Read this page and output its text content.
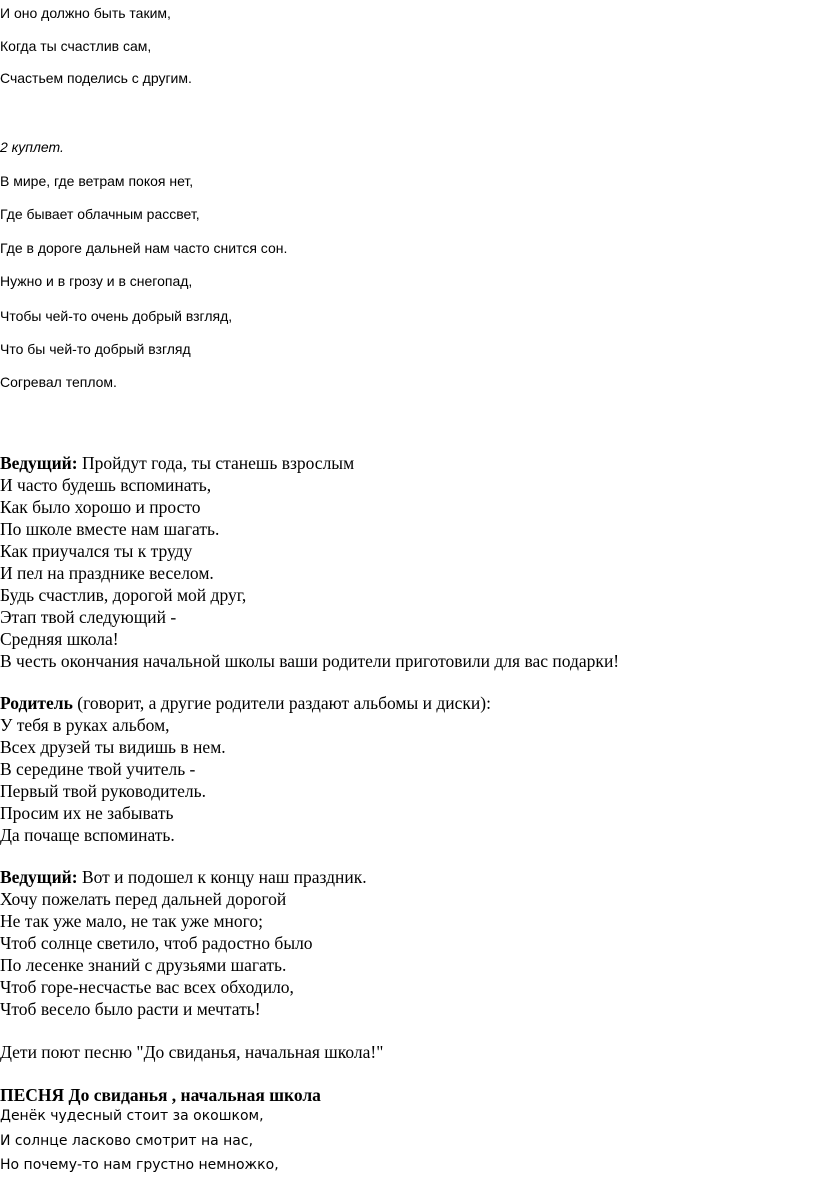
И оно должно быть таким,
Когда ты счастлив сам,
Счастьем поделись с другим.
2 куплет.
В мире, где ветрам покоя нет,
Где бывает облачным рассвет,
Где в дороге дальней нам часто снится сон.
Нужно и в грозу и в снегопад,
Чтобы чей-то очень добрый взгляд,
Что бы чей-то добрый взгляд
Согревал теплом.
Ведущий: Пройдут года, ты станешь взрослым
И часто будешь вспоминать,
Как было хорошо и просто
По школе вместе нам шагать.
Как приучался ты к труду
И пел на празднике веселом.
Будь счастлив, дорогой мой друг,
Этап твой следующий -
Средняя школа!
В честь окончания начальной школы ваши родители приготовили для вас подарки!
Родитель (говорит, а другие родители раздают альбомы и диски):
У тебя в руках альбом,
Всех друзей ты видишь в нем.
В середине твой учитель -
Первый твой руководитель.
Просим их не забывать
Да почаще вспоминать.
Ведущий: Вот и подошел к концу наш праздник.
Хочу пожелать перед дальней дорогой
Не так уже мало, не так уже много;
Чтоб солнце светило, чтоб радостно было
По лесенке знаний с друзьями шагать.
Чтоб горе-несчастье вас всех обходило,
Чтоб весело было расти и мечтать!
Дети поют песню "До свиданья, начальная школа!"
ПЕСНЯ До свиданья , начальная школа
Денёк чудесный стоит за окошком,
И солнце ласково смотрит на нас,
Но почему-то нам грустно немножко,
